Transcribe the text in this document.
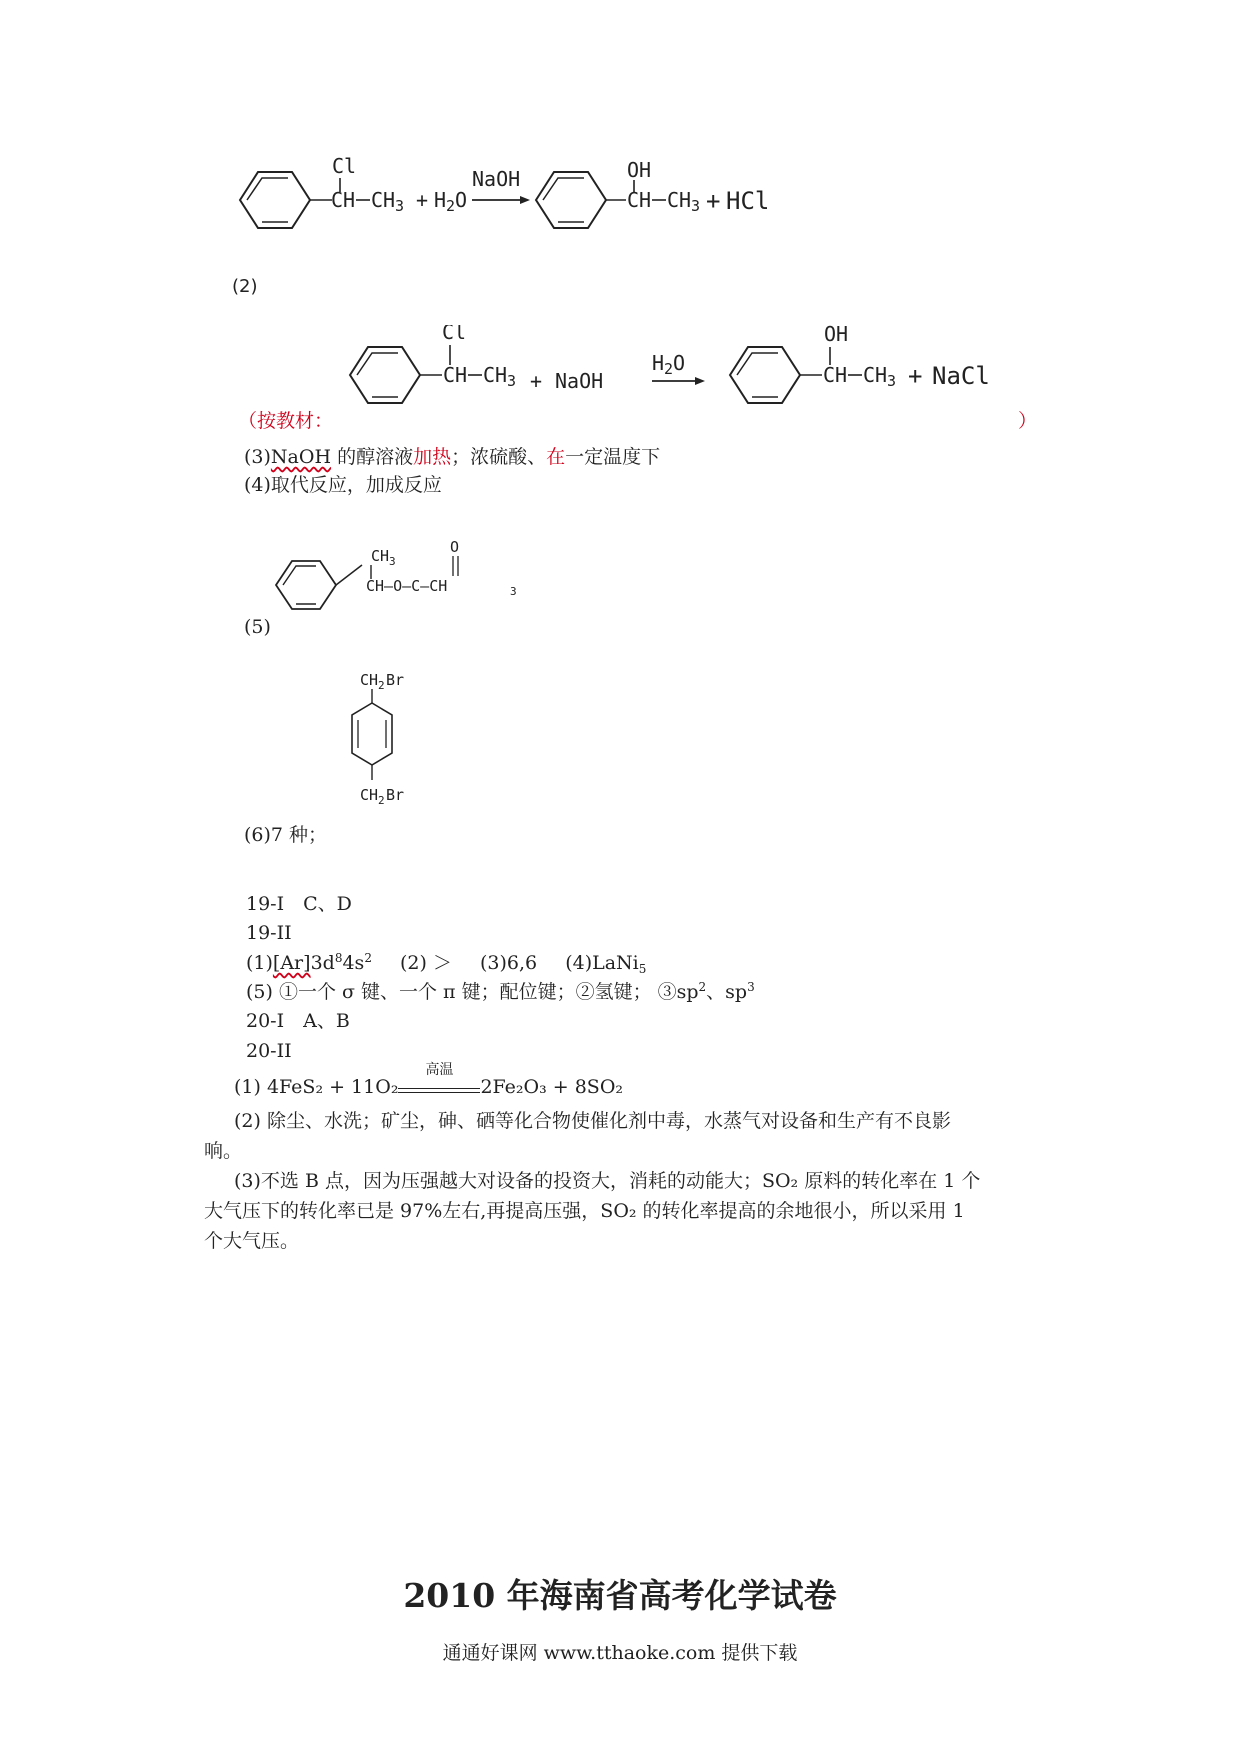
Cl
CH CH 3 + H 2 O
NaOH	OH
CH CH 3 + HCl
(2)
Cl
CH CH 3 + NaOH
H 2 O
OH
CH CH 3 + NaCl
（按教材：	）
(3)NaOH 的醇溶液加热；浓硫酸、在一定温度下
(4)取代反应，加成反应
CH 3
O
CH—O—C—CH	3
(5)
CH 2 Br
CH 2 Br
(6)7 种；
19-I　C、D
19-II
$(1)[Ar]3d^84s^2$ (2) ＞ (3)6,6 (4)LaNi$_5$
(5) ①一个 σ 键、一个 π 键；配位键；②氢键； $③sp^2$、$sp^3$
20-I　A、B
20-II
(1) 4FeS₂ + 11O₂
高温
2Fe₂O₃ + 8SO₂
(2) 除尘、水洗；矿尘，砷、硒等化合物使催化剂中毒，水蒸气对设备和生产有不良影
响。
(3)不选 B 点，因为压强越大对设备的投资大，消耗的动能大；SO₂ 原料的转化率在 1 个
大气压下的转化率已是 97%左右,再提高压强，SO₂ 的转化率提高的余地很小，所以采用 1
个大气压。
2010 年海南省高考化学试卷
通通好课网 www.tthaoke.com 提供下载
